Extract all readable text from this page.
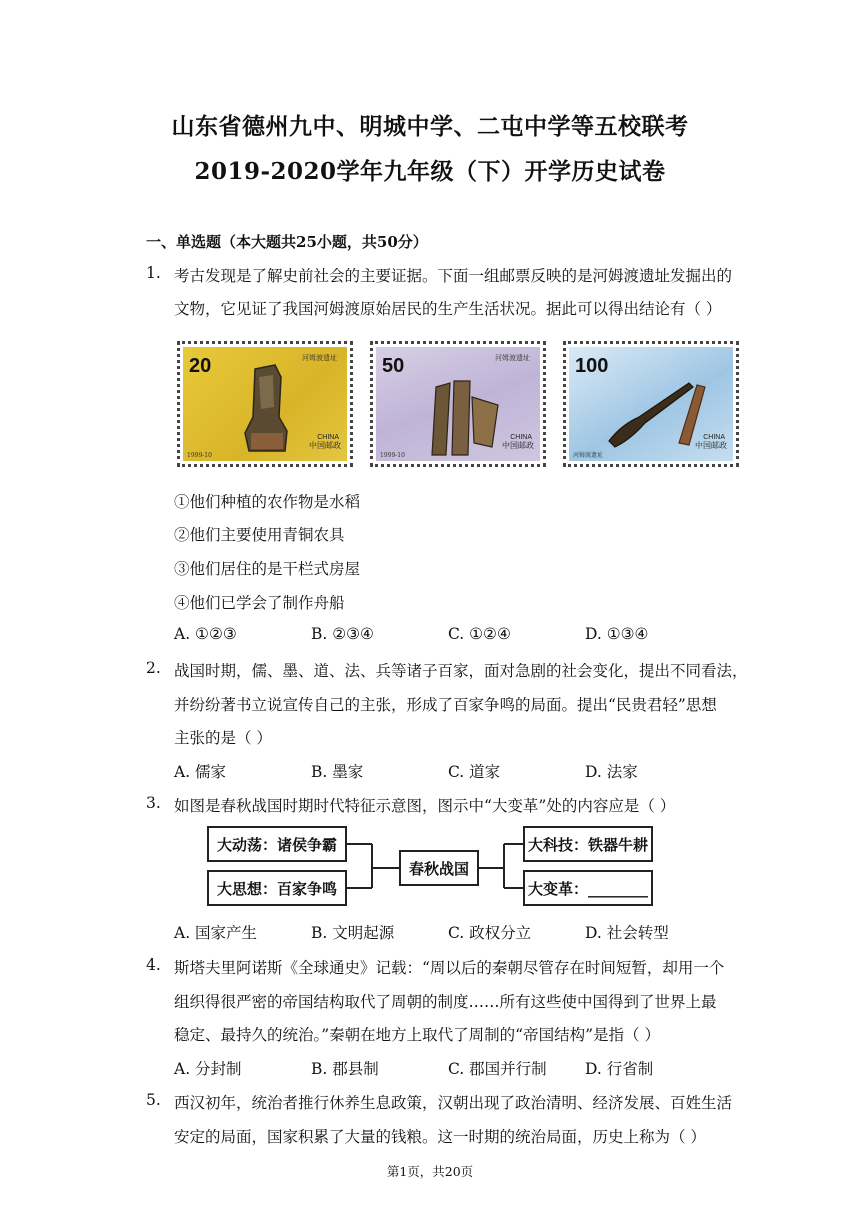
山东省德州九中、明城中学、二屯中学等五校联考
2019-2020学年九年级（下）开学历史试卷
一、单选题（本大题共25小题，共50分）
1. 考古发现是了解史前社会的主要证据。下面一组邮票反映的是河姆渡遗址发掘出的
文物，它见证了我国河姆渡原始居民的生产生活状况。据此可以得出结论有（ ）
20	河姆渡遗址
CHINA
中国邮政
1999-10
50	河姆渡遗址
CHINA
中国邮政
1999-10
100
CHINA
中国邮政
河姆渡遗址
①他们种植的农作物是水稻
②他们主要使用青铜农具
③他们居住的是干栏式房屋
④他们已学会了制作舟船
A. ①②③	B. ②③④	C. ①②④	D. ①③④
2. 战国时期，儒、墨、道、法、兵等诸子百家，面对急剧的社会变化，提出不同看法，
并纷纷著书立说宣传自己的主张，形成了百家争鸣的局面。提出“民贵君轻”思想
主张的是（ ）
A. 儒家	B. 墨家	C. 道家	D. 法家
3. 如图是春秋战国时期时代特征示意图，图示中“大变革”处的内容应是（ ）
大动荡：诸侯争霸
大思想：百家争鸣
春秋战国
大科技：铁器牛耕
大变革：________
A. 国家产生	B. 文明起源	C. 政权分立	D. 社会转型
4. 斯塔夫里阿诺斯《全球通史》记载：“周以后的秦朝尽管存在时间短暂，却用一个
组织得很严密的帝国结构取代了周朝的制度……所有这些使中国得到了世界上最
稳定、最持久的统治。”秦朝在地方上取代了周制的“帝国结构”是指（ ）
A. 分封制	B. 郡县制	C. 郡国并行制 D. 行省制
5. 西汉初年，统治者推行休养生息政策，汉朝出现了政治清明、经济发展、百姓生活
安定的局面，国家积累了大量的钱粮。这一时期的统治局面，历史上称为（ ）
第1页，共20页
